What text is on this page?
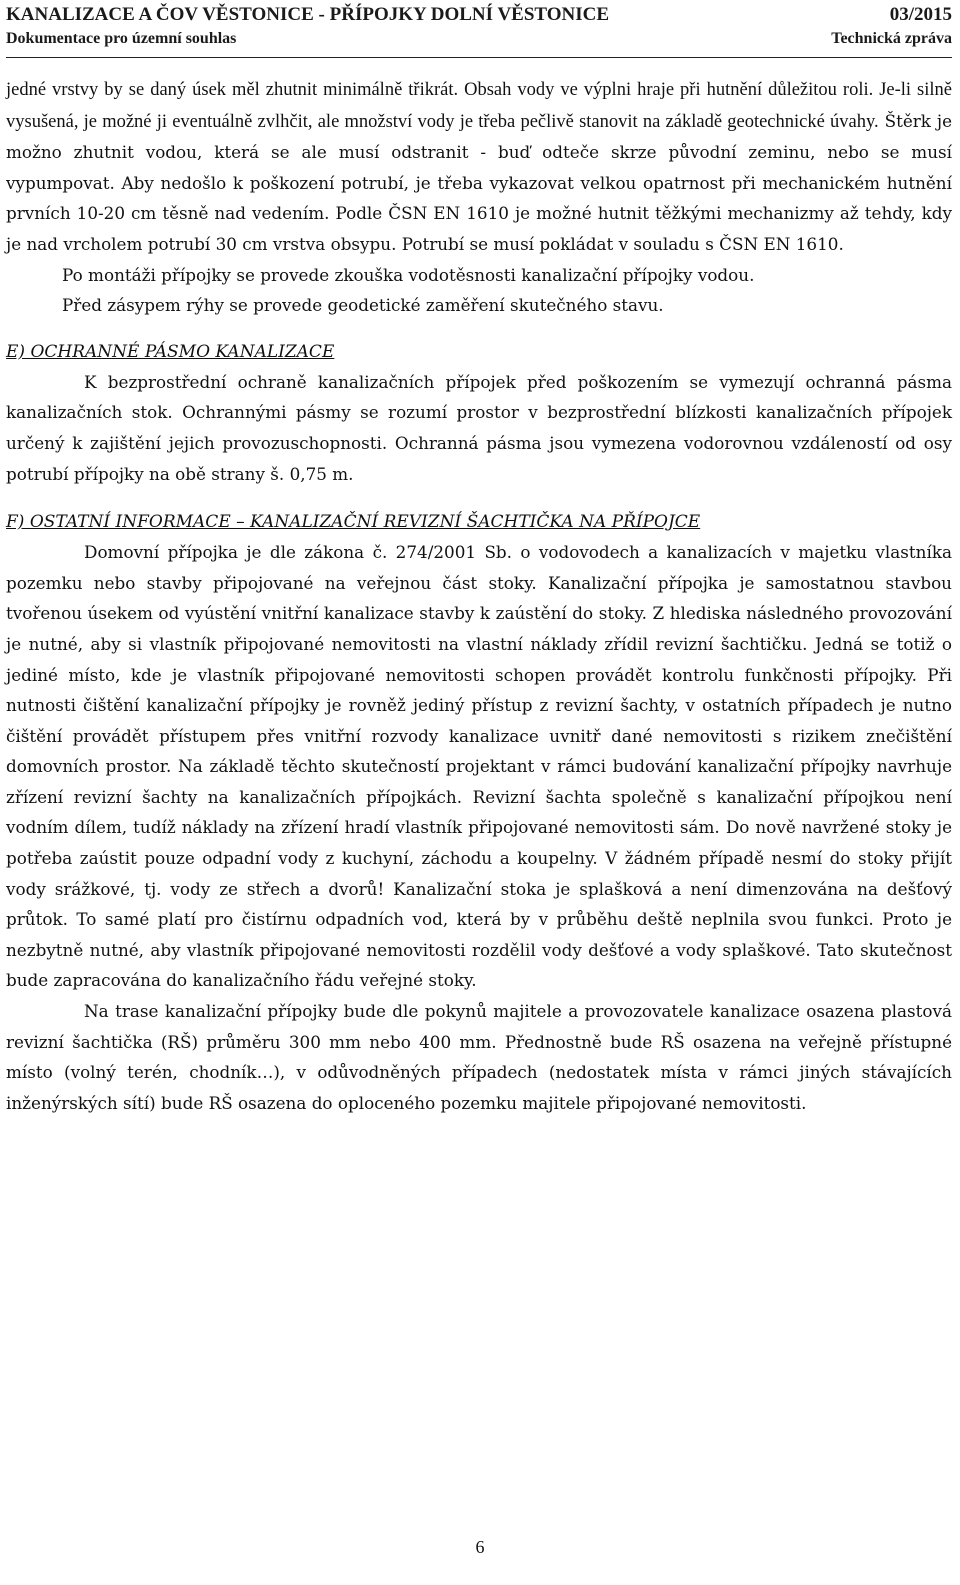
KANALIZACE A ČOV VĚSTONICE - PŘÍPOJKY DOLNÍ VĚSTONICE	03/2015
Dokumentace pro územní souhlas	Technická zpráva

jedné vrstvy by se daný úsek měl zhutnit minimálně třikrát. Obsah vody ve výplni hraje při hutnění důležitou roli. Je-li silně vysušená, je možné ji eventuálně zvlhčit, ale množství vody je třeba pečlivě stanovit na základě geotechnické úvahy. Štěrk je možno zhutnit vodou, která se ale musí odstranit - buď odteče skrze původní zeminu, nebo se musí vypumpovat. Aby nedošlo k poškození potrubí, je třeba vykazovat velkou opatrnost při mechanickém hutnění prvních 10-20 cm těsně nad vedením. Podle ČSN EN 1610 je možné hutnit těžkými mechanizmy až tehdy, kdy je nad vrcholem potrubí 30 cm vrstva obsypu. Potrubí se musí pokládat v souladu s ČSN EN 1610.

Po montáži přípojky se provede zkouška vodotěsnosti kanalizační přípojky vodou.

Před zásypem rýhy se provede geodetické zaměření skutečného stavu.

E) OCHRANNÉ PÁSMO KANALIZACE

K bezprostřední ochraně kanalizačních přípojek před poškozením se vymezují ochranná pásma kanalizačních stok. Ochrannými pásmy se rozumí prostor v bezprostřední blízkosti kanalizačních přípojek určený k zajištění jejich provozuschopnosti. Ochranná pásma jsou vymezena vodorovnou vzdáleností od osy potrubí přípojky na obě strany š. 0,75 m.

F) OSTATNÍ INFORMACE – KANALIZAČNÍ REVIZNÍ ŠACHTIČKA NA PŘÍPOJCE

Domovní přípojka je dle zákona č. 274/2001 Sb. o vodovodech a kanalizacích v majetku vlastníka pozemku nebo stavby připojované na veřejnou část stoky. Kanalizační přípojka je samostatnou stavbou tvořenou úsekem od vyústění vnitřní kanalizace stavby k zaústění do stoky. Z hlediska následného provozování je nutné, aby si vlastník připojované nemovitosti na vlastní náklady zřídil revizní šachtičku. Jedná se totiž o jediné místo, kde je vlastník připojované nemovitosti schopen provádět kontrolu funkčnosti přípojky. Při nutnosti čištění kanalizační přípojky je rovněž jediný přístup z revizní šachty, v ostatních případech je nutno čištění provádět přístupem přes vnitřní rozvody kanalizace uvnitř dané nemovitosti s rizikem znečištění domovních prostor. Na základě těchto skutečností projektant v rámci budování kanalizační přípojky navrhuje zřízení revizní šachty na kanalizačních přípojkách. Revizní šachta společně s kanalizační přípojkou není vodním dílem, tudíž náklady na zřízení hradí vlastník připojované nemovitosti sám. Do nově navržené stoky je potřeba zaústit pouze odpadní vody z kuchyní, záchodu a koupelny. V žádném případě nesmí do stoky přijít vody srážkové, tj. vody ze střech a dvorů! Kanalizační stoka je splašková a není dimenzována na dešťový průtok. To samé platí pro čistírnu odpadních vod, která by v průběhu deště neplnila svou funkci. Proto je nezbytně nutné, aby vlastník připojované nemovitosti rozdělil vody dešťové a vody splaškové. Tato skutečnost bude zapracována do kanalizačního řádu veřejné stoky.

Na trase kanalizační přípojky bude dle pokynů majitele a provozovatele kanalizace osazena plastová revizní šachtička (RŠ) průměru 300 mm nebo 400 mm. Přednostně bude RŠ osazena na veřejně přístupné místo (volný terén, chodník…), v odůvodněných případech (nedostatek místa v rámci jiných stávajících inženýrských sítí) bude RŠ osazena do oploceného pozemku majitele připojované nemovitosti.

6
